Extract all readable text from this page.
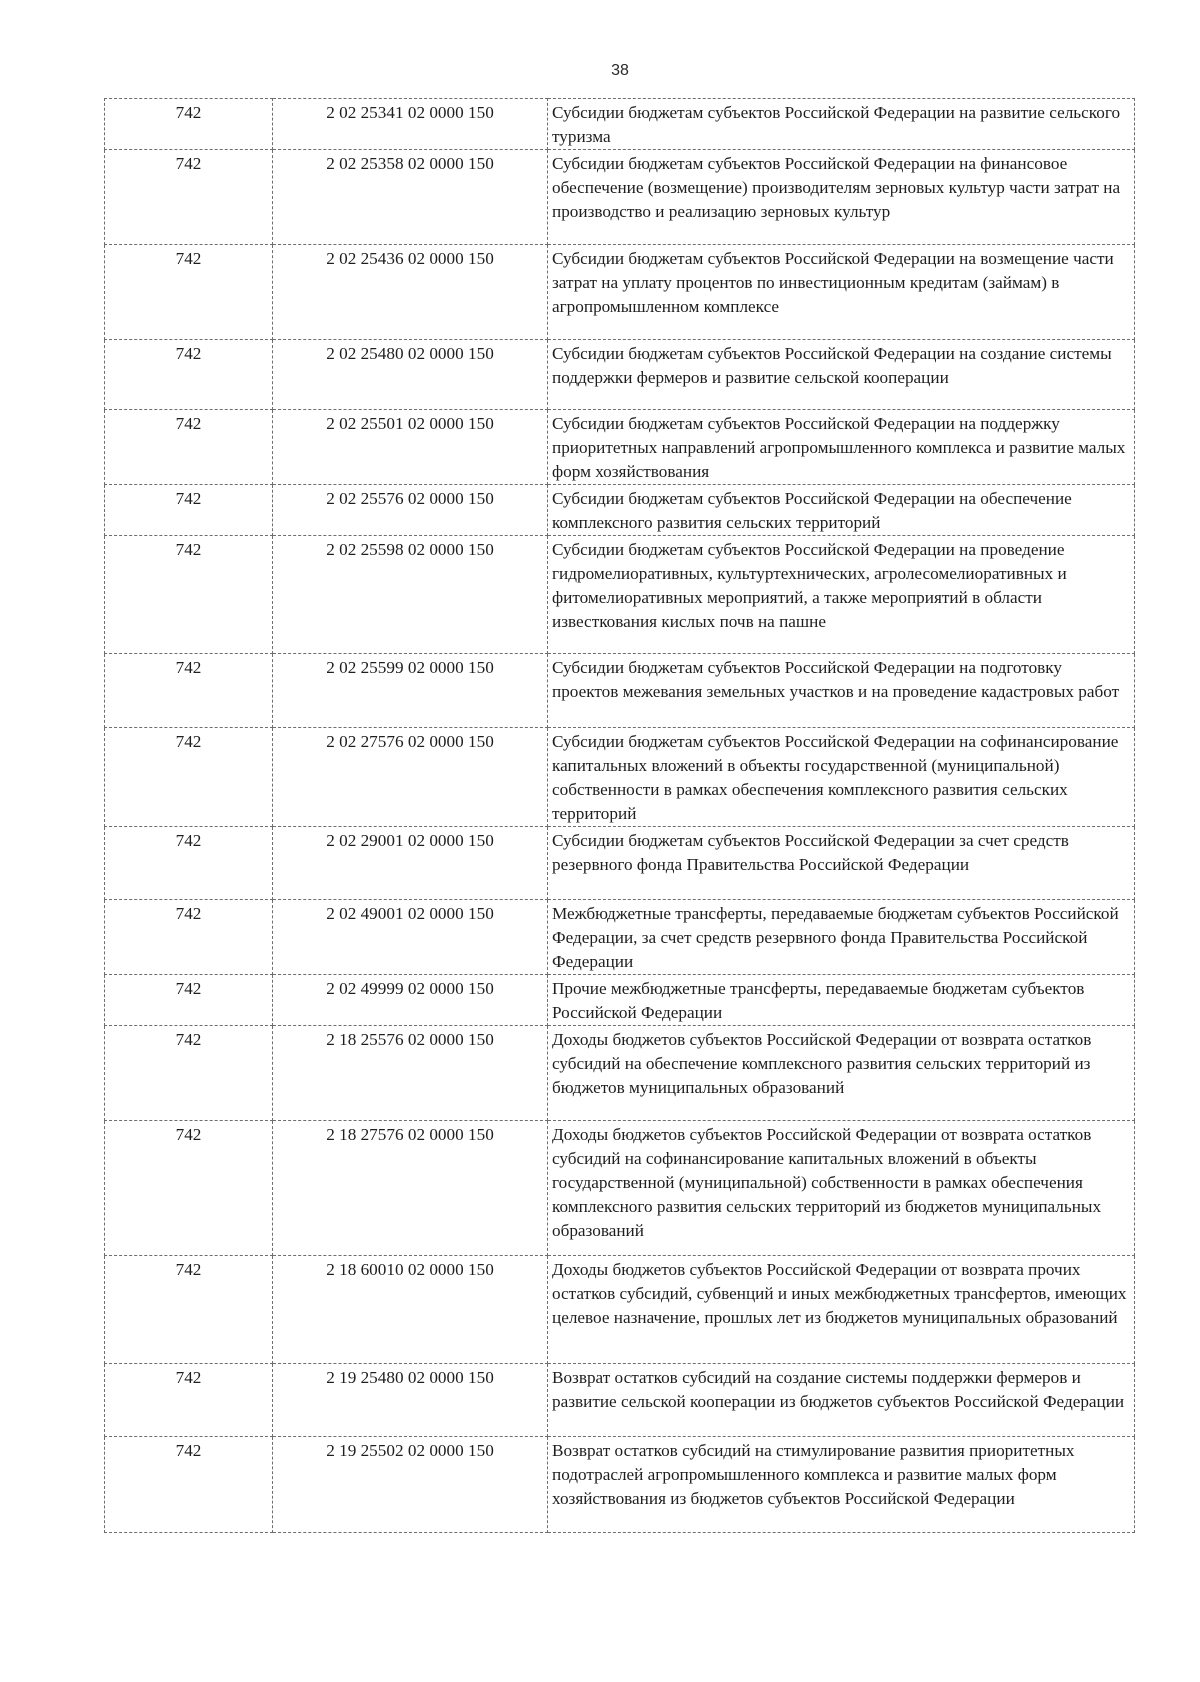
38
742	2 02 25341 02 0000 150	Субсидии бюджетам субъектов Российской Федерации на развитие сельского туризма
742	2 02 25358 02 0000 150	Субсидии бюджетам субъектов Российской Федерации на финансовое обеспечение (возмещение) производителям зерновых культур части затрат на производство и реализацию зерновых культур
742	2 02 25436 02 0000 150	Субсидии бюджетам субъектов Российской Федерации на возмещение части затрат на уплату процентов по инвестиционным кредитам (займам) в агропромышленном комплексе
742	2 02 25480 02 0000 150	Субсидии бюджетам субъектов Российской Федерации на создание системы поддержки фермеров и развитие сельской кооперации
742	2 02 25501 02 0000 150	Субсидии бюджетам субъектов Российской Федерации на поддержку приоритетных направлений агропромышленного комплекса и развитие малых форм хозяйствования
742	2 02 25576 02 0000 150	Субсидии бюджетам субъектов Российской Федерации на обеспечение комплексного развития сельских территорий
742	2 02 25598 02 0000 150	Субсидии бюджетам субъектов Российской Федерации на проведение гидромелиоративных, культуртехнических, агролесомелиоративных и фитомелиоративных мероприятий, а также мероприятий в области известкования кислых почв на пашне
742	2 02 25599 02 0000 150	Субсидии бюджетам субъектов Российской Федерации на подготовку проектов межевания земельных участков и на проведение кадастровых работ
742	2 02 27576 02 0000 150	Субсидии бюджетам субъектов Российской Федерации на софинансирование капитальных вложений в объекты государственной (муниципальной) собственности в рамках обеспечения комплексного развития сельских территорий
742	2 02 29001 02 0000 150	Субсидии бюджетам субъектов Российской Федерации за счет средств резервного фонда Правительства Российской Федерации
742	2 02 49001 02 0000 150	Межбюджетные трансферты, передаваемые бюджетам субъектов Российской Федерации, за счет средств резервного фонда Правительства Российской Федерации
742	2 02 49999 02 0000 150	Прочие межбюджетные трансферты, передаваемые бюджетам субъектов Российской Федерации
742	2 18 25576 02 0000 150	Доходы бюджетов субъектов Российской Федерации от возврата остатков субсидий на обеспечение комплексного развития сельских территорий из бюджетов муниципальных образований
742	2 18 27576 02 0000 150	Доходы бюджетов субъектов Российской Федерации от возврата остатков субсидий на софинансирование капитальных вложений в объекты государственной (муниципальной) собственности в рамках обеспечения комплексного развития сельских территорий из бюджетов муниципальных образований
742	2 18 60010 02 0000 150	Доходы бюджетов субъектов Российской Федерации от возврата прочих остатков субсидий, субвенций и иных межбюджетных трансфертов, имеющих целевое назначение, прошлых лет из бюджетов муниципальных образований
742	2 19 25480 02 0000 150	Возврат остатков субсидий на создание системы поддержки фермеров и развитие сельской кооперации из бюджетов субъектов Российской Федерации
742	2 19 25502 02 0000 150	Возврат остатков субсидий на стимулирование развития приоритетных подотраслей агропромышленного комплекса и развитие малых форм хозяйствования из бюджетов субъектов Российской Федерации
